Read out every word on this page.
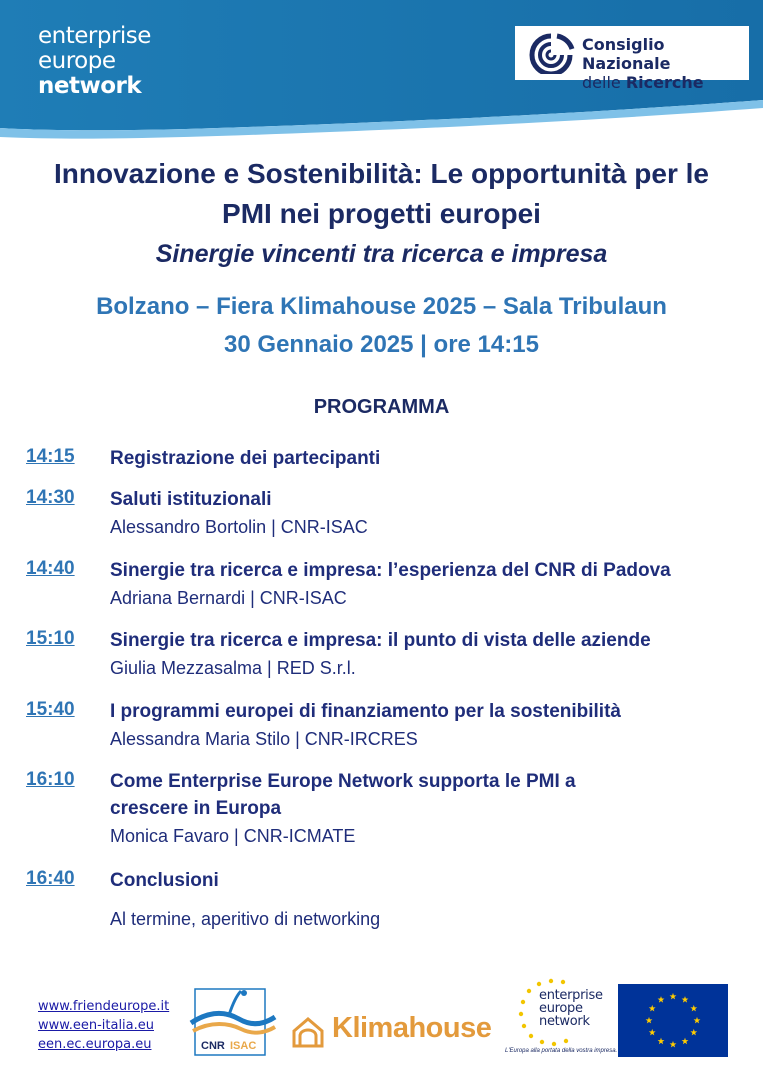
enterprise
europe
network
Consiglio Nazionale
delle Ricerche
Innovazione e Sostenibilità: Le opportunità per le
PMI nei progetti europei
Sinergie vincenti tra ricerca e impresa
Bolzano – Fiera Klimahouse 2025 – Sala Tribulaun
30 Gennaio 2025 | ore 14:15
PROGRAMMA
14:15 Registrazione dei partecipanti
14:30 Saluti istituzionali
Alessandro Bortolin | CNR-ISAC
14:40 Sinergie tra ricerca e impresa: l’esperienza del CNR di Padova
Adriana Bernardi | CNR-ISAC
15:10 Sinergie tra ricerca e impresa: il punto di vista delle aziende
Giulia Mezzasalma | RED S.r.l.
15:40 I programmi europei di finanziamento per la sostenibilità
Alessandra Maria Stilo | CNR-IRCRES
16:10 Come Enterprise Europe Network supporta le PMI a
crescere in Europa
Monica Favaro | CNR-ICMATE
16:40 Conclusioni
Al termine, aperitivo di networking
www.friendeurope.it
www.een-italia.eu
een.ec.europa.eu	CNR ISAC
Klimahouse
enterprise
europe
network
L'Europa alla portata della vostra impresa.
